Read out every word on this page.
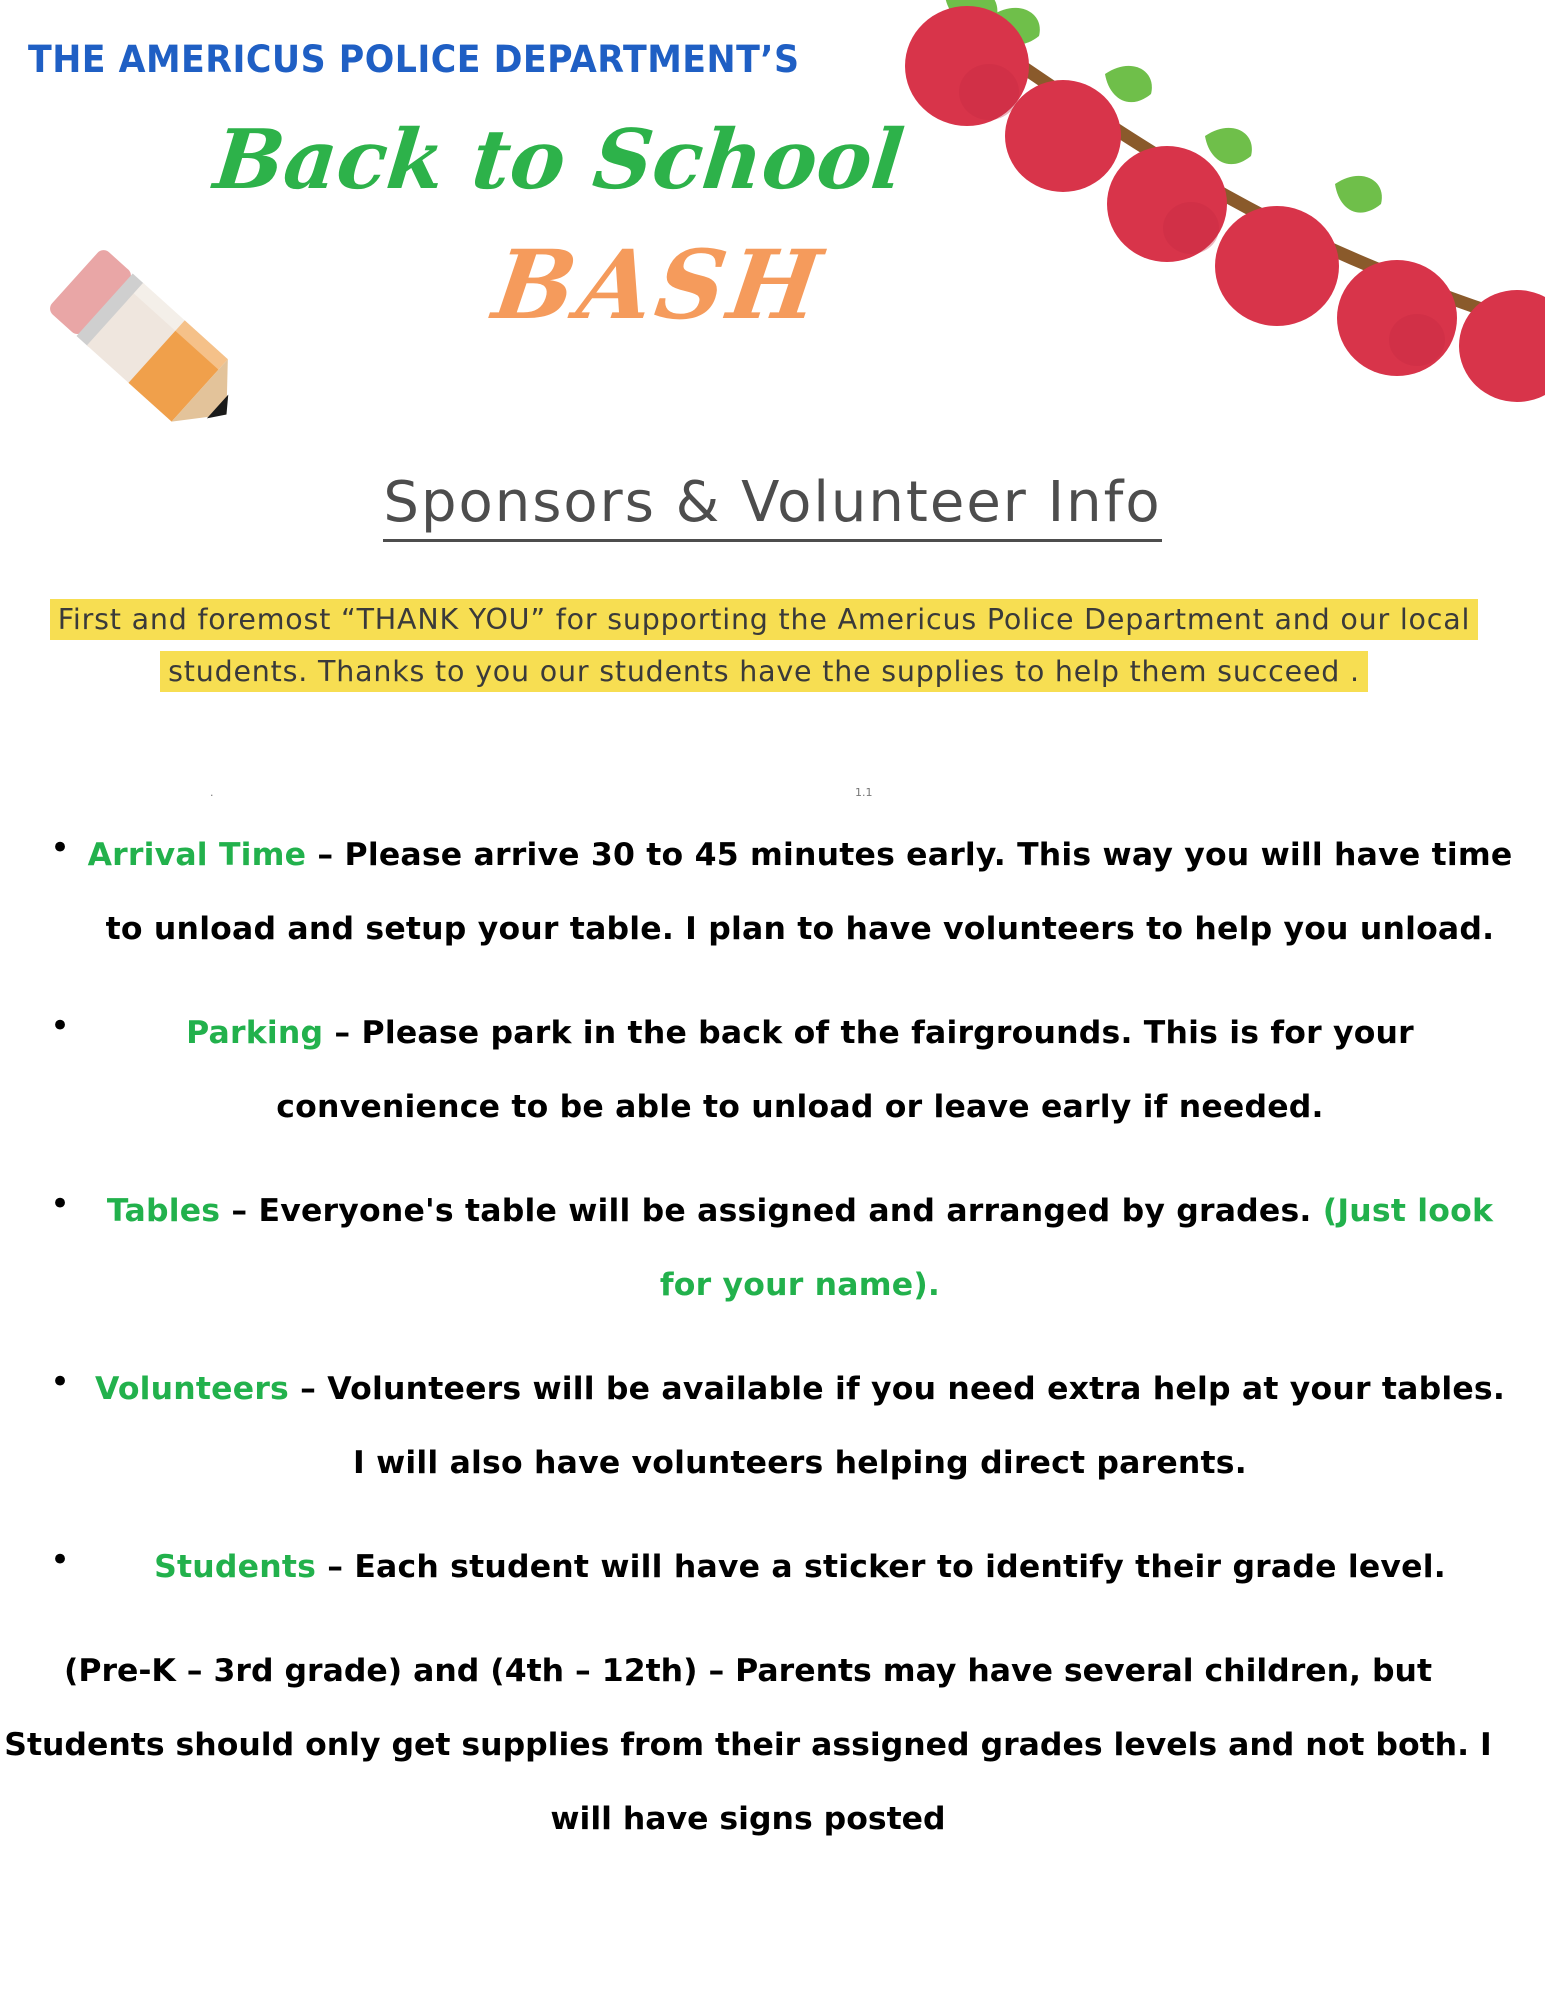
THE AMERICUS POLICE DEPARTMENT’S
Back to School
BASH
Sponsors & Volunteer Info
First and foremost “THANK YOU” for supporting the Americus Police Department and our local students. Thanks to you our students have the supplies to help them succeed .
.	1.1
• Arrival Time – Please arrive 30 to 45 minutes early. This way you will have time to unload and setup your table. I plan to have volunteers to help you unload.
•	Parking – Please park in the back of the fairgrounds. This is for your convenience to be able to unload or leave early if needed.
•	Tables – Everyone's table will be assigned and arranged by grades. (Just look for your name).
• Volunteers – Volunteers will be available if you need extra help at your tables. I will also have volunteers helping direct parents.
•	Students – Each student will have a sticker to identify their grade level.
(Pre-K – 3rd grade) and (4th – 12th) – Parents may have several children, but Students should only get supplies from their assigned grades levels and not both. I will have signs posted
